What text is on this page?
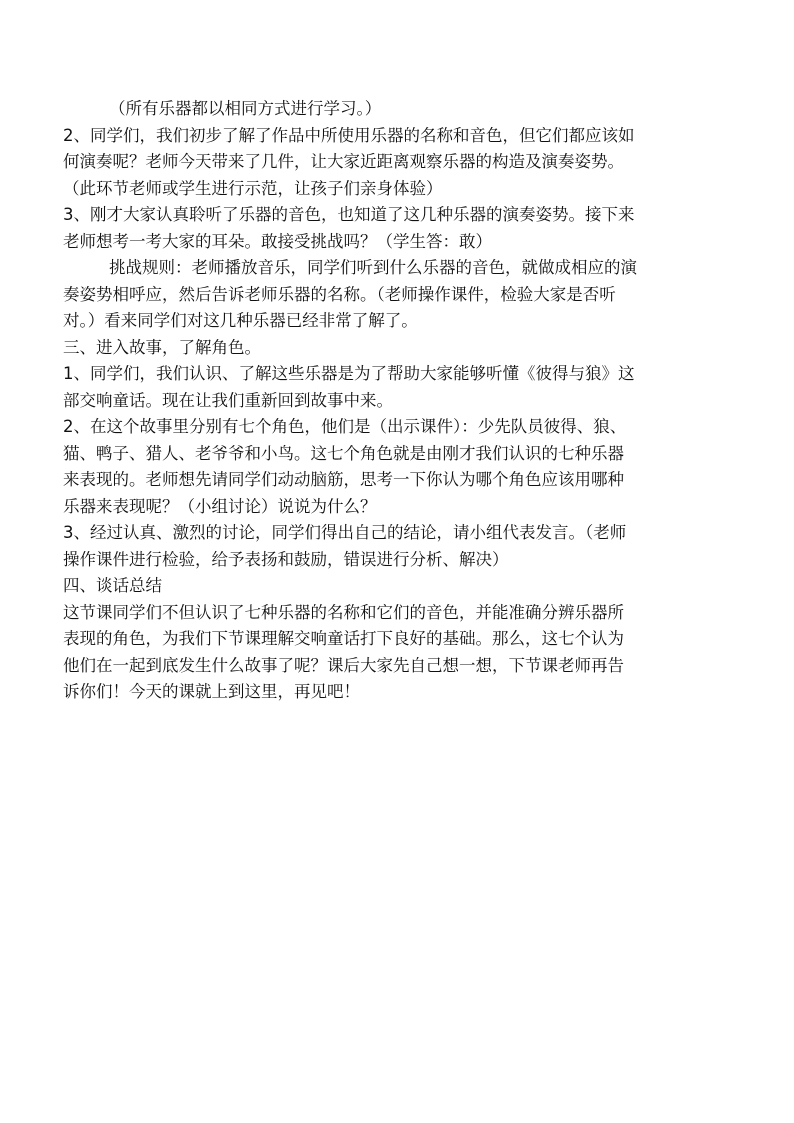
（所有乐器都以相同方式进行学习。）
2、同学们，我们初步了解了作品中所使用乐器的名称和音色，但它们都应该如
何演奏呢？老师今天带来了几件，让大家近距离观察乐器的构造及演奏姿势。
（此环节老师或学生进行示范，让孩子们亲身体验）
3、刚才大家认真聆听了乐器的音色，也知道了这几种乐器的演奏姿势。接下来
老师想考一考大家的耳朵。敢接受挑战吗？（学生答：敢）
挑战规则：老师播放音乐，同学们听到什么乐器的音色，就做成相应的演
奏姿势相呼应，然后告诉老师乐器的名称。（老师操作课件，检验大家是否听
对。）看来同学们对这几种乐器已经非常了解了。
三、进入故事，了解角色。
1、同学们，我们认识、了解这些乐器是为了帮助大家能够听懂《彼得与狼》这
部交响童话。现在让我们重新回到故事中来。
2、在这个故事里分别有七个角色，他们是（出示课件）：少先队员彼得、狼、
猫、鸭子、猎人、老爷爷和小鸟。这七个角色就是由刚才我们认识的七种乐器
来表现的。老师想先请同学们动动脑筋，思考一下你认为哪个角色应该用哪种
乐器来表现呢？（小组讨论）说说为什么？
3、经过认真、激烈的讨论，同学们得出自己的结论，请小组代表发言。（老师
操作课件进行检验，给予表扬和鼓励，错误进行分析、解决）
四、谈话总结
这节课同学们不但认识了七种乐器的名称和它们的音色，并能准确分辨乐器所
表现的角色，为我们下节课理解交响童话打下良好的基础。那么，这七个认为
他们在一起到底发生什么故事了呢？课后大家先自己想一想，下节课老师再告
诉你们！今天的课就上到这里，再见吧！
